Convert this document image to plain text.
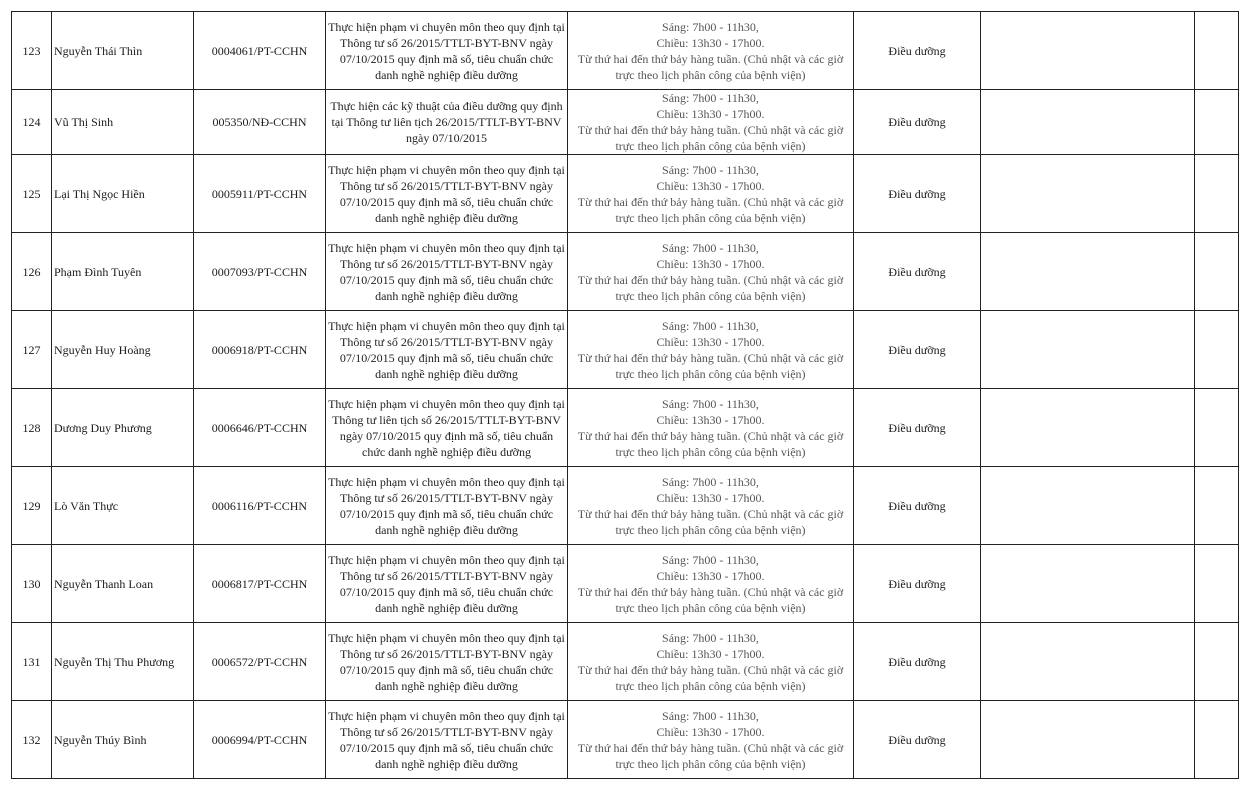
123	Nguyễn Thái Thìn	0004061/PT-CCHN	Thực hiện phạm vi chuyên môn theo quy định tại Thông tư số 26/2015/TTLT-BYT-BNV ngày 07/10/2015 quy định mã số, tiêu chuẩn chức danh nghề nghiệp điều dưỡng	Sáng: 7h00 - 11h30,
Chiều: 13h30 - 17h00.
Từ thứ hai đến thứ bảy hàng tuần. (Chủ nhật và các giờ trực theo lịch phân công của bệnh viện)	Điều dưỡng		
124	Vũ Thị Sinh	005350/NĐ-CCHN	Thực hiện các kỹ thuật của điều dưỡng quy định tại Thông tư liên tịch 26/2015/TTLT-BYT-BNV ngày 07/10/2015	Sáng: 7h00 - 11h30,
Chiều: 13h30 - 17h00.
Từ thứ hai đến thứ bảy hàng tuần. (Chủ nhật và các giờ trực theo lịch phân công của bệnh viện)	Điều dưỡng		
125	Lại Thị Ngọc Hiền	0005911/PT-CCHN	Thực hiện phạm vi chuyên môn theo quy định tại Thông tư số 26/2015/TTLT-BYT-BNV ngày 07/10/2015 quy định mã số, tiêu chuẩn chức danh nghề nghiệp điều dưỡng	Sáng: 7h00 - 11h30,
Chiều: 13h30 - 17h00.
Từ thứ hai đến thứ bảy hàng tuần. (Chủ nhật và các giờ trực theo lịch phân công của bệnh viện)	Điều dưỡng		
126	Phạm Đình Tuyên	0007093/PT-CCHN	Thực hiện phạm vi chuyên môn theo quy định tại Thông tư số 26/2015/TTLT-BYT-BNV ngày 07/10/2015 quy định mã số, tiêu chuẩn chức danh nghề nghiệp điều dưỡng	Sáng: 7h00 - 11h30,
Chiều: 13h30 - 17h00.
Từ thứ hai đến thứ bảy hàng tuần. (Chủ nhật và các giờ trực theo lịch phân công của bệnh viện)	Điều dưỡng		
127	Nguyễn Huy Hoàng	0006918/PT-CCHN	Thực hiện phạm vi chuyên môn theo quy định tại Thông tư số 26/2015/TTLT-BYT-BNV ngày 07/10/2015 quy định mã số, tiêu chuẩn chức danh nghề nghiệp điều dưỡng	Sáng: 7h00 - 11h30,
Chiều: 13h30 - 17h00.
Từ thứ hai đến thứ bảy hàng tuần. (Chủ nhật và các giờ trực theo lịch phân công của bệnh viện)	Điều dưỡng		
128	Dương Duy Phương	0006646/PT-CCHN	Thực hiện phạm vi chuyên môn theo quy định tại Thông tư liên tịch số 26/2015/TTLT-BYT-BNV ngày 07/10/2015 quy định mã số, tiêu chuẩn chức danh nghề nghiệp điều dưỡng	Sáng: 7h00 - 11h30,
Chiều: 13h30 - 17h00.
Từ thứ hai đến thứ bảy hàng tuần. (Chủ nhật và các giờ trực theo lịch phân công của bệnh viện)	Điều dưỡng		
129	Lò Văn Thực	0006116/PT-CCHN	Thực hiện phạm vi chuyên môn theo quy định tại Thông tư số 26/2015/TTLT-BYT-BNV ngày 07/10/2015 quy định mã số, tiêu chuẩn chức danh nghề nghiệp điều dưỡng	Sáng: 7h00 - 11h30,
Chiều: 13h30 - 17h00.
Từ thứ hai đến thứ bảy hàng tuần. (Chủ nhật và các giờ trực theo lịch phân công của bệnh viện)	Điều dưỡng		
130	Nguyễn Thanh Loan	0006817/PT-CCHN	Thực hiện phạm vi chuyên môn theo quy định tại Thông tư số 26/2015/TTLT-BYT-BNV ngày 07/10/2015 quy định mã số, tiêu chuẩn chức danh nghề nghiệp điều dưỡng	Sáng: 7h00 - 11h30,
Chiều: 13h30 - 17h00.
Từ thứ hai đến thứ bảy hàng tuần. (Chủ nhật và các giờ trực theo lịch phân công của bệnh viện)	Điều dưỡng		
131	Nguyễn Thị Thu Phương	0006572/PT-CCHN	Thực hiện phạm vi chuyên môn theo quy định tại Thông tư số 26/2015/TTLT-BYT-BNV ngày 07/10/2015 quy định mã số, tiêu chuẩn chức danh nghề nghiệp điều dưỡng	Sáng: 7h00 - 11h30,
Chiều: 13h30 - 17h00.
Từ thứ hai đến thứ bảy hàng tuần. (Chủ nhật và các giờ trực theo lịch phân công của bệnh viện)	Điều dưỡng		
132	Nguyễn Thúy Bình	0006994/PT-CCHN	Thực hiện phạm vi chuyên môn theo quy định tại Thông tư số 26/2015/TTLT-BYT-BNV ngày 07/10/2015 quy định mã số, tiêu chuẩn chức danh nghề nghiệp điều dưỡng	Sáng: 7h00 - 11h30,
Chiều: 13h30 - 17h00.
Từ thứ hai đến thứ bảy hàng tuần. (Chủ nhật và các giờ trực theo lịch phân công của bệnh viện)	Điều dưỡng		
